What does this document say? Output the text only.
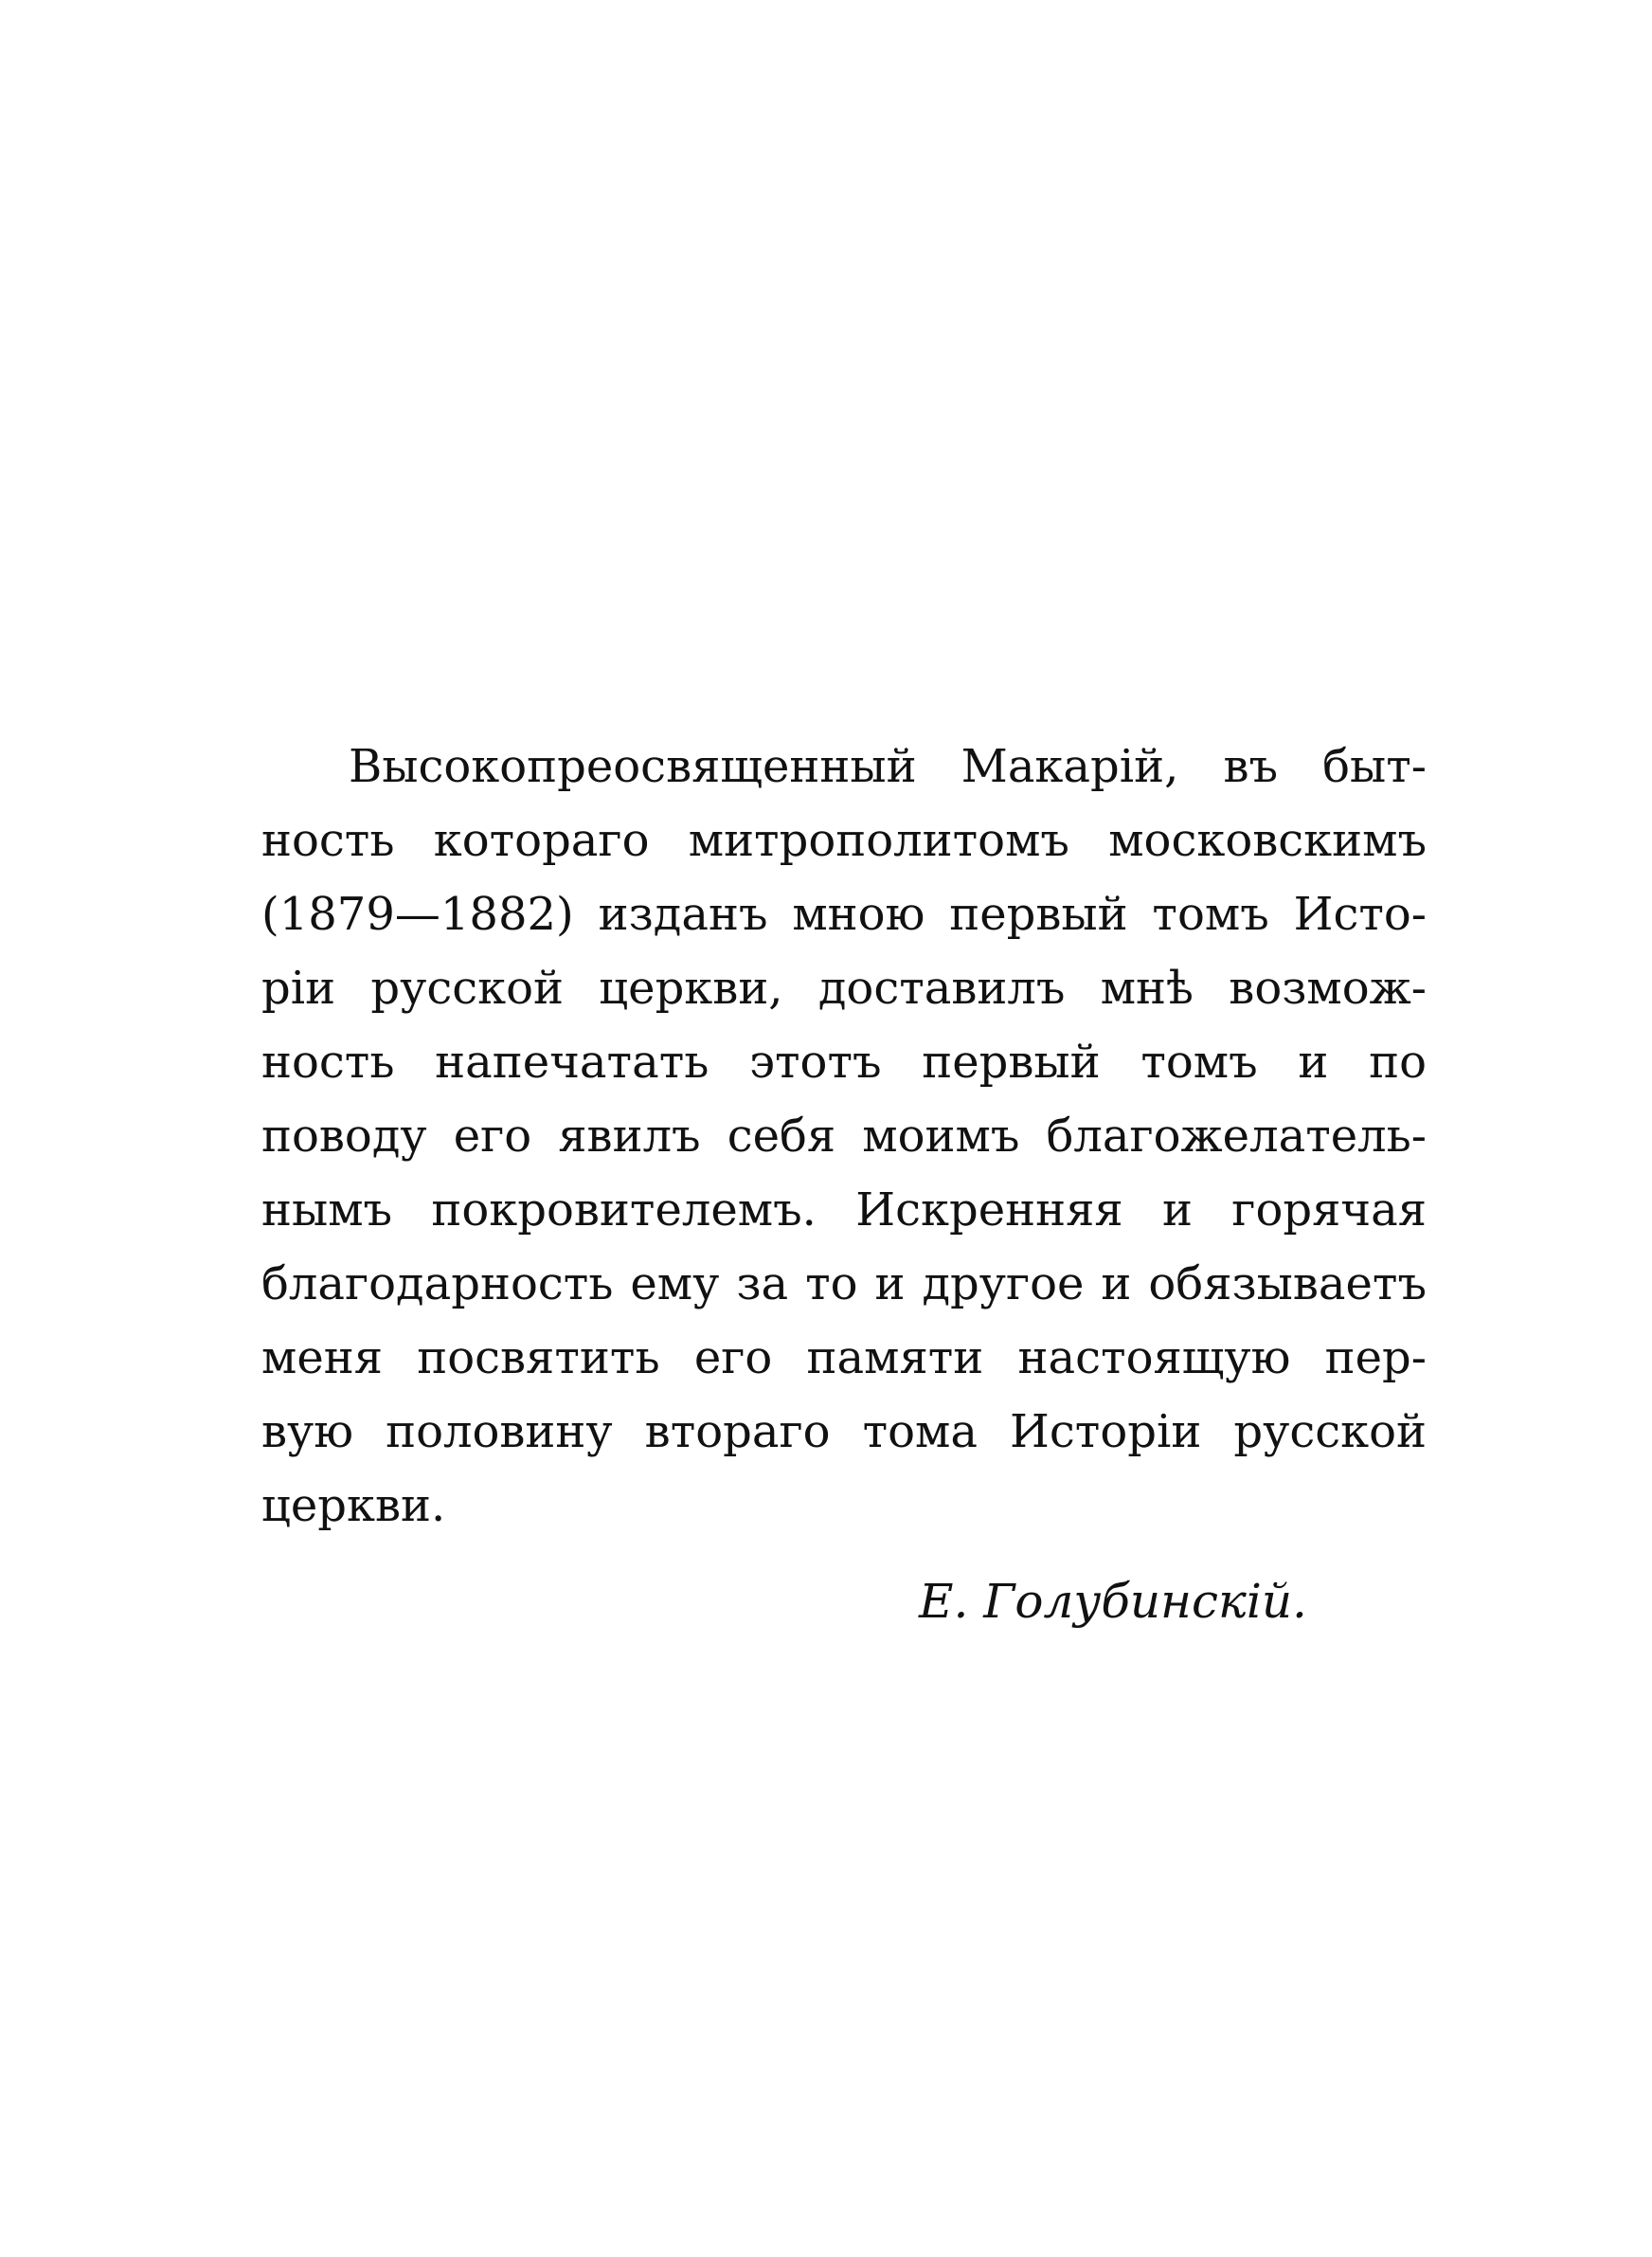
Высокопреосвященный Макарій, въ быт-
ность котораго митрополитомъ московскимъ
(1879—1882) изданъ мною первый томъ Исто-
ріи русской церкви, доставилъ мнѣ возмож-
ность напечатать этотъ первый томъ и по
поводу его явилъ себя моимъ благожелатель-
нымъ покровителемъ. Искренняя и горячая
благодарность ему за то и другое и обязываетъ
меня посвятить его памяти настоящую пер-
вую половину втораго тома Исторіи русской
церкви.
Е. Голубинскій.
